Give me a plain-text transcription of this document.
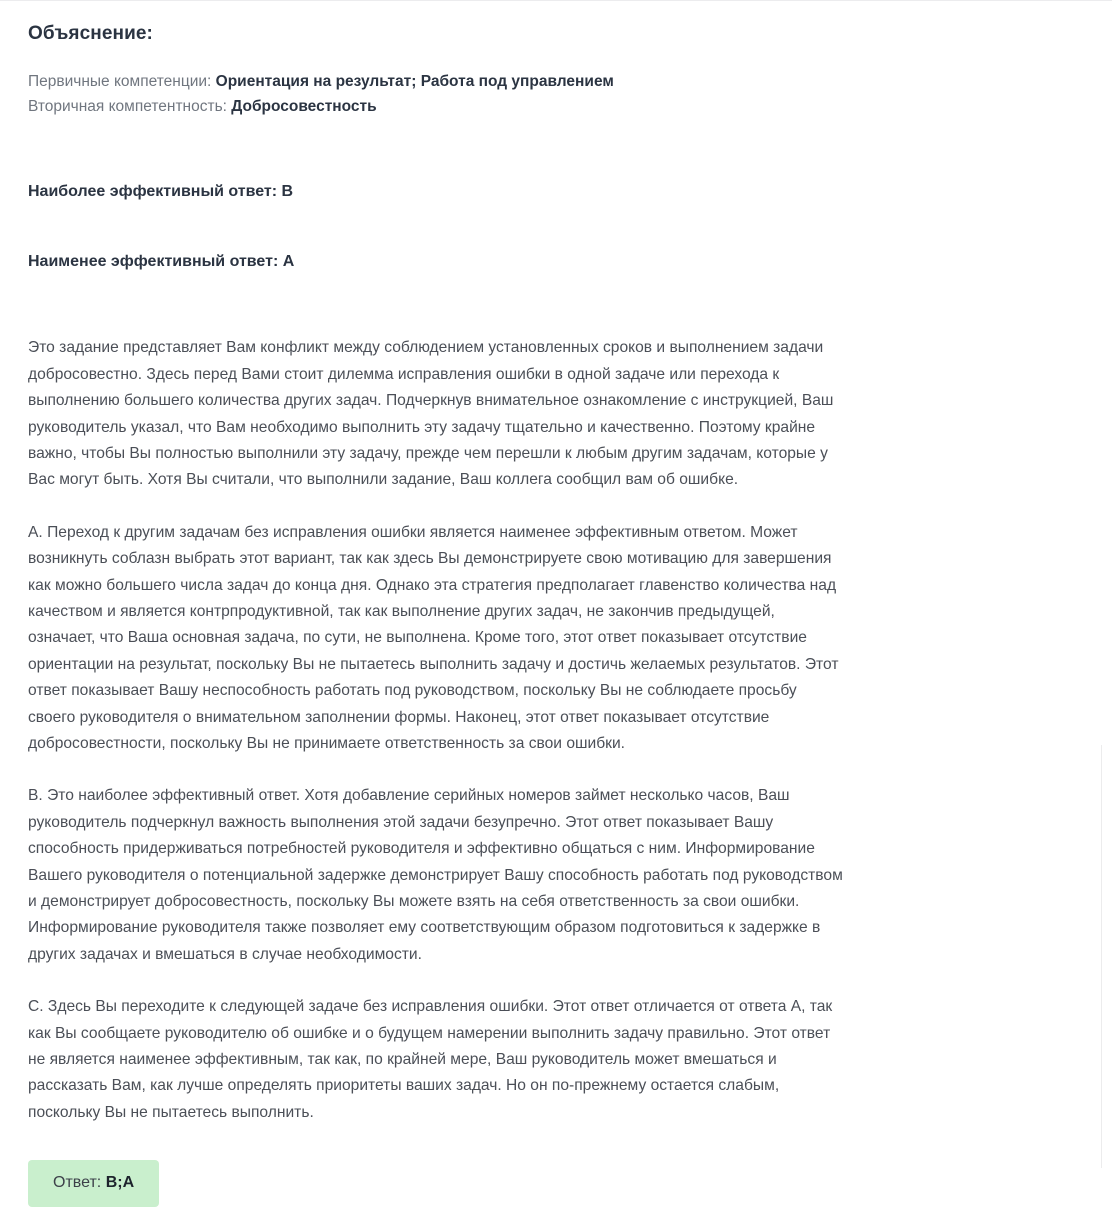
Объяснение:
Первичные компетенции: Ориентация на результат; Работа под управлением
Вторичная компетентность: Добросовестность
Наиболее эффективный ответ: B
Наименее эффективный ответ: A

Это задание представляет Вам конфликт между соблюдением установленных сроков и выполнением задачи добросовестно. Здесь перед Вами стоит дилемма исправления ошибки в одной задаче или перехода к выполнению большего количества других задач. Подчеркнув внимательное ознакомление с инструкцией, Ваш руководитель указал, что Вам необходимо выполнить эту задачу тщательно и качественно. Поэтому крайне важно, чтобы Вы полностью выполнили эту задачу, прежде чем перешли к любым другим задачам, которые у Вас могут быть. Хотя Вы считали, что выполнили задание, Ваш коллега сообщил вам об ошибке.

A. Переход к другим задачам без исправления ошибки является наименее эффективным ответом. Может возникнуть соблазн выбрать этот вариант, так как здесь Вы демонстрируете свою мотивацию для завершения как можно большего числа задач до конца дня. Однако эта стратегия предполагает главенство количества над качеством и является контрпродуктивной, так как выполнение других задач, не закончив предыдущей, означает, что Ваша основная задача, по сути, не выполнена. Кроме того, этот ответ показывает отсутствие ориентации на результат, поскольку Вы не пытаетесь выполнить задачу и достичь желаемых результатов. Этот ответ показывает Вашу неспособность работать под руководством, поскольку Вы не соблюдаете просьбу своего руководителя о внимательном заполнении формы. Наконец, этот ответ показывает отсутствие добросовестности, поскольку Вы не принимаете ответственность за свои ошибки.

B. Это наиболее эффективный ответ. Хотя добавление серийных номеров займет несколько часов, Ваш руководитель подчеркнул важность выполнения этой задачи безупречно. Этот ответ показывает Вашу способность придерживаться потребностей руководителя и эффективно общаться с ним. Информирование Вашего руководителя о потенциальной задержке демонстрирует Вашу способность работать под руководством и демонстрирует добросовестность, поскольку Вы можете взять на себя ответственность за свои ошибки. Информирование руководителя также позволяет ему соответствующим образом подготовиться к задержке в других задачах и вмешаться в случае необходимости.

C. Здесь Вы переходите к следующей задаче без исправления ошибки. Этот ответ отличается от ответа A, так как Вы сообщаете руководителю об ошибке и о будущем намерении выполнить задачу правильно. Этот ответ не является наименее эффективным, так как, по крайней мере, Ваш руководитель может вмешаться и рассказать Вам, как лучше определять приоритеты ваших задач. Но он по-прежнему остается слабым, поскольку Вы не пытаетесь выполнить.

Ответ: B;A
